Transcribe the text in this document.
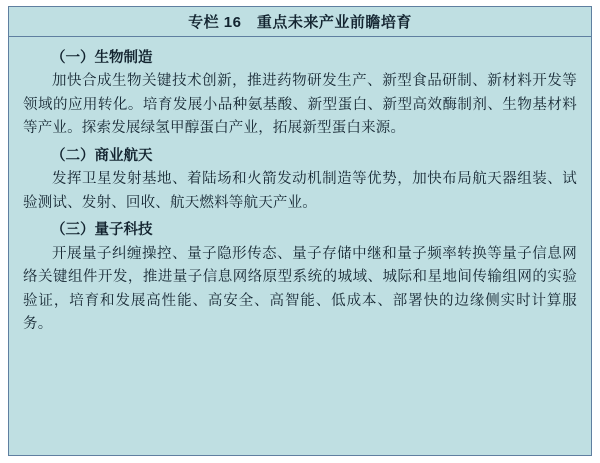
专栏 16　重点未来产业前瞻培育
（一）生物制造

加快合成生物关键技术创新，推进药物研发生产、新型食品研制、新材料开发等领域的应用转化。培育发展小品种氨基酸、新型蛋白、新型高效酶制剂、生物基材料等产业。探索发展绿氢甲醇蛋白产业，拓展新型蛋白来源。

（二）商业航天

发挥卫星发射基地、着陆场和火箭发动机制造等优势，加快布局航天器组装、试验测试、发射、回收、航天燃料等航天产业。

（三）量子科技

开展量子纠缠操控、量子隐形传态、量子存储中继和量子频率转换等量子信息网络关键组件开发，推进量子信息网络原型系统的城域、城际和星地间传输组网的实验验证，培育和发展高性能、高安全、高智能、低成本、部署快的边缘侧实时计算服务。
